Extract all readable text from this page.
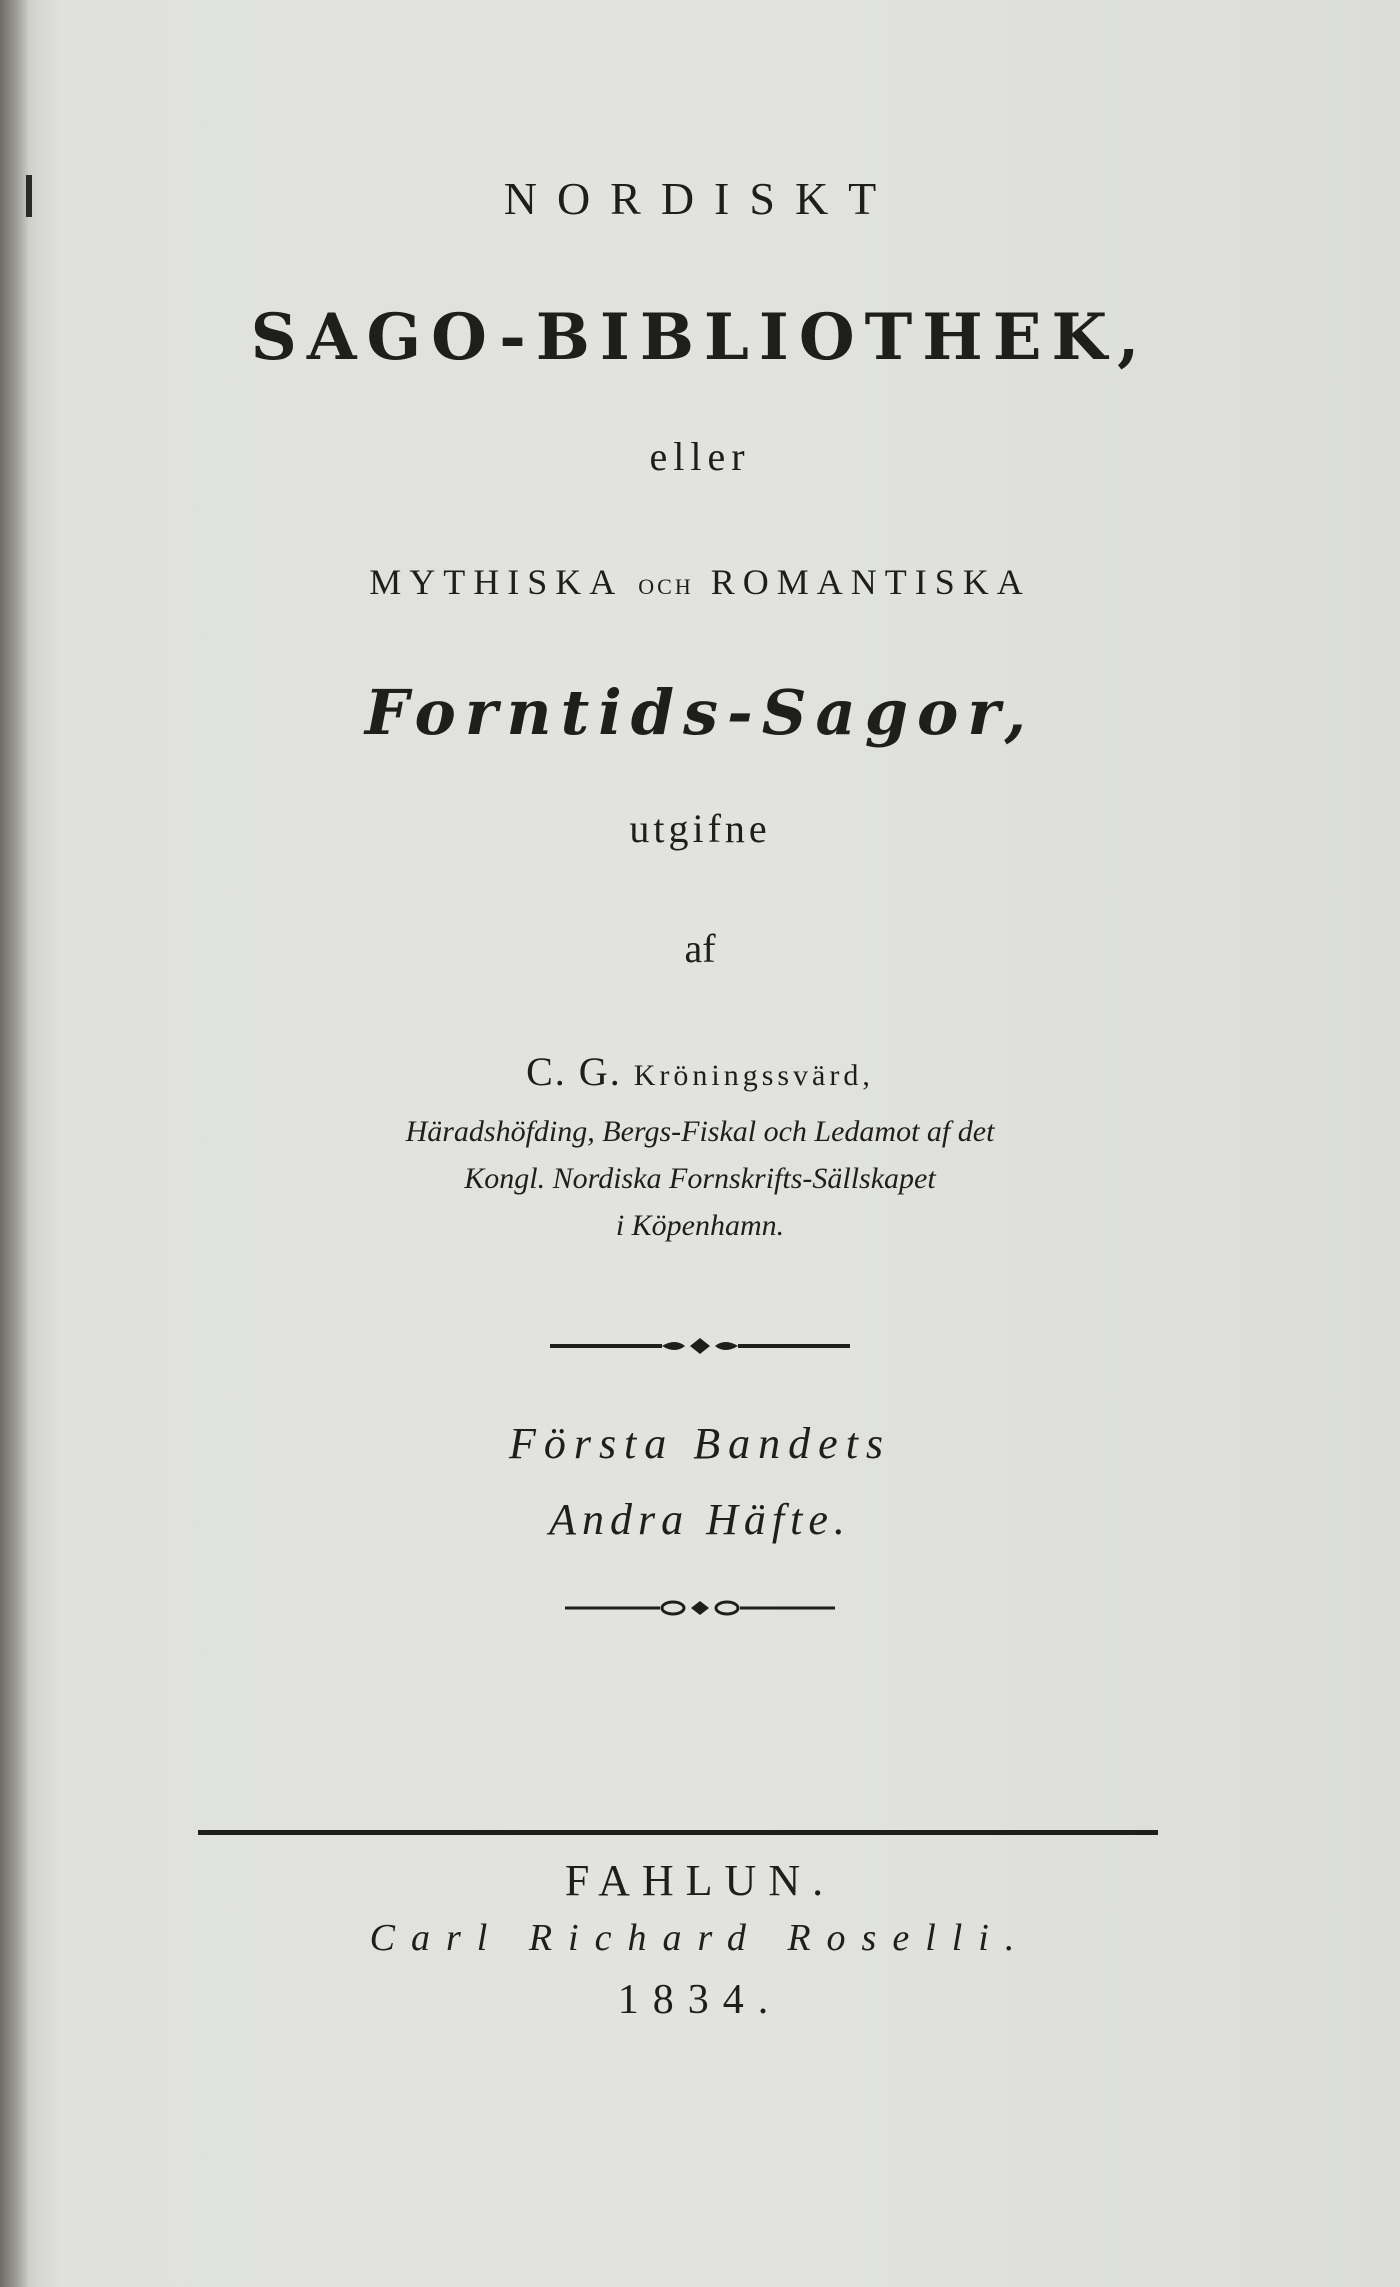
NORDISKT
SAGO-BIBLIOTHEK,
eller
MYTHISKA OCH ROMANTISKA
Forntids-Sagor,
utgifne
af
C. G. Kröningssvärd,
Häradshöfding, Bergs-Fiskal och Ledamot af det
Kongl. Nordiska Fornskrifts-Sällskapet
i Köpenhamn.
Första Bandets
Andra Häfte.
FAHLUN.
Carl Richard Roselli.
1834.
